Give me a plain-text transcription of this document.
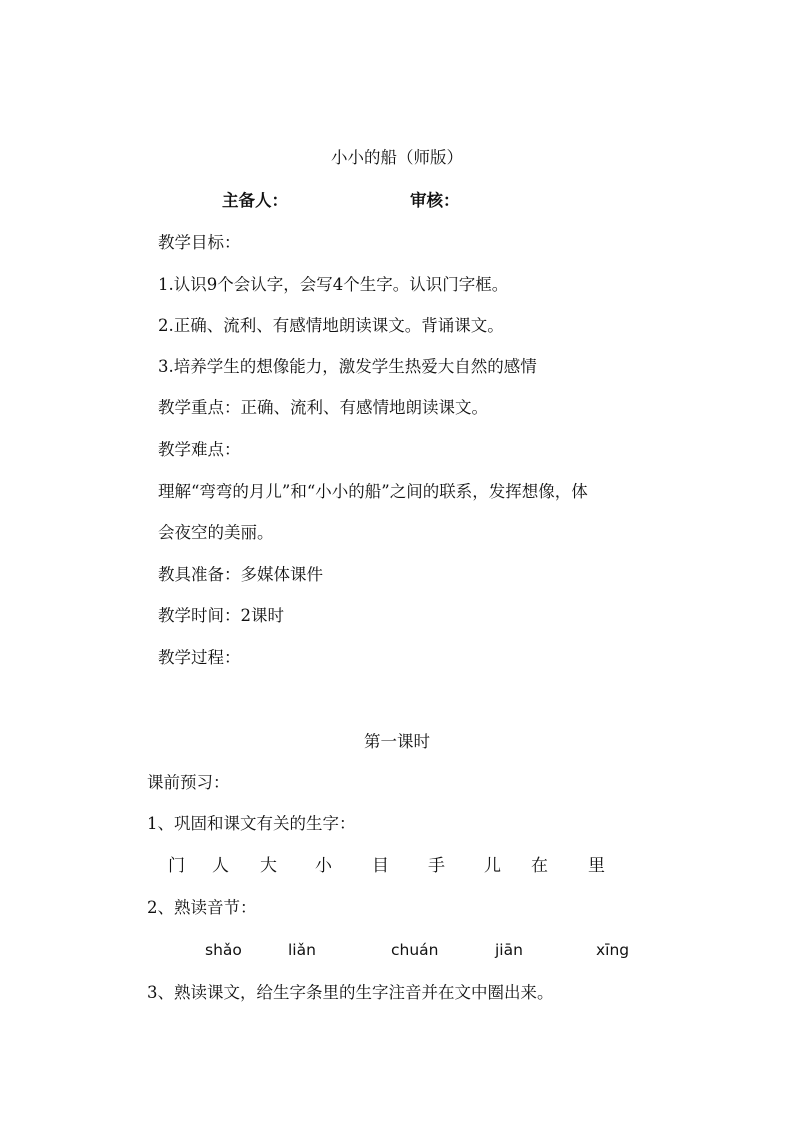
小小的船（师版）
主备人：	审核：
教学目标：
1.认识9个会认字，会写4个生字。认识门字框。
2.正确、流利、有感情地朗读课文。背诵课文。
3.培养学生的想像能力，激发学生热爱大自然的感情
教学重点：正确、流利、有感情地朗读课文。
教学难点：
理解“弯弯的月儿”和“小小的船”之间的联系，发挥想像，体
会夜空的美丽。
教具准备：多媒体课件
教学时间：2课时
教学过程：
第一课时
课前预习：
1、巩固和课文有关的生字：
门 人 大 小 目 手 儿 在 里
2、熟读音节：
shǎo	liǎn	chuán	jiān	xīng
3、熟读课文，给生字条里的生字注音并在文中圈出来。
